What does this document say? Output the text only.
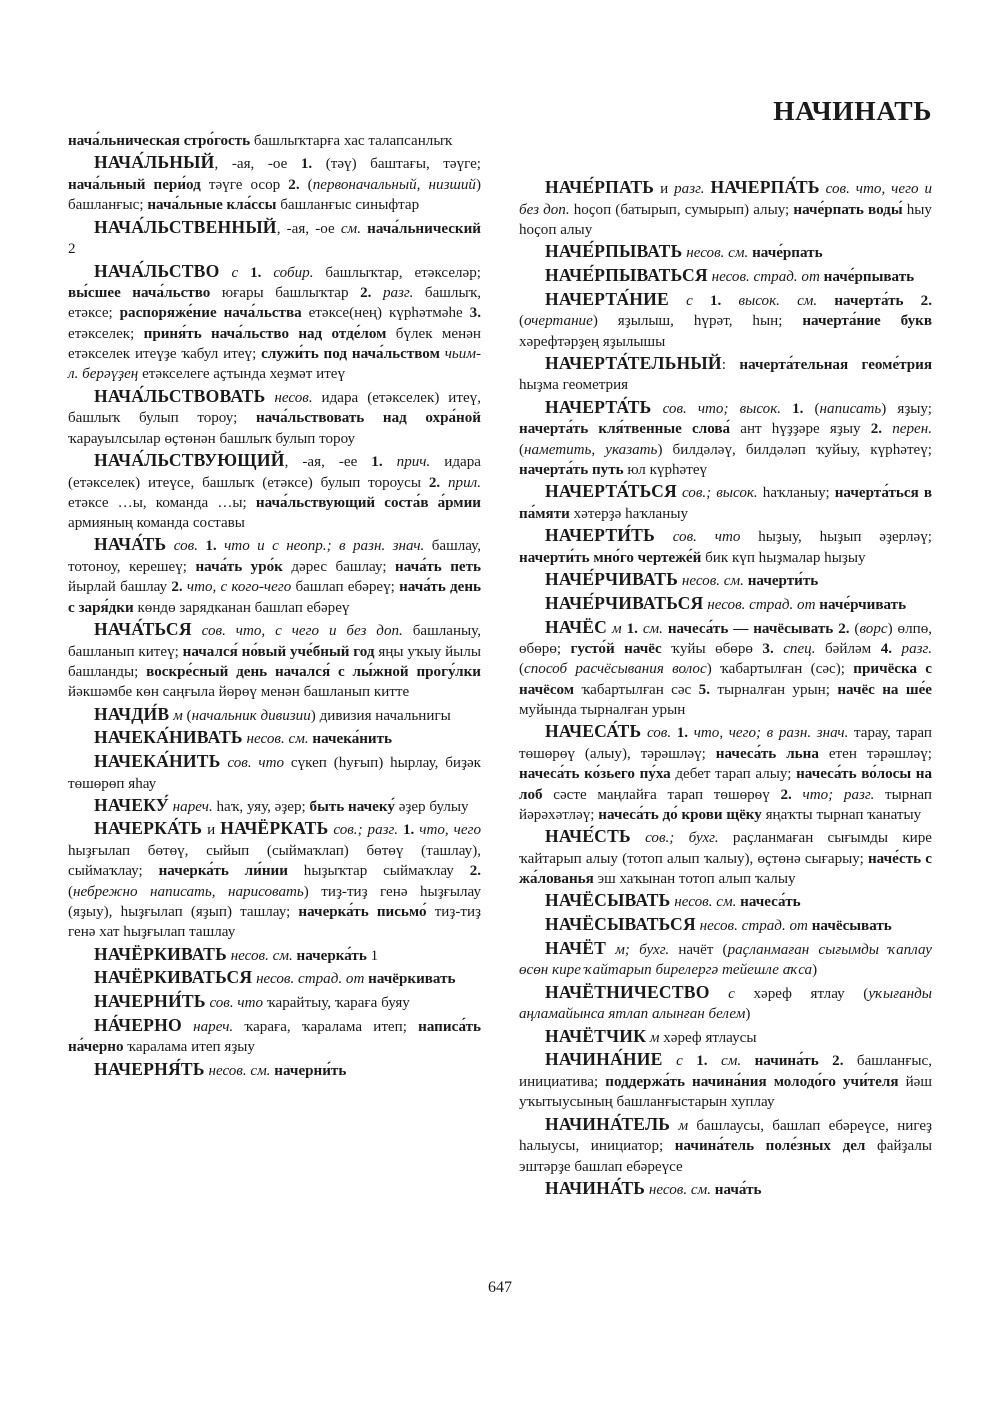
НАЧИНАТЬ

нача́льническая стро́гость башлыҡтарға хас талапсанлыҡ

НАЧА́ЛЬНЫЙ, -ая, -ое 1. (тәү) баштағы, тәүге; нача́льный пери́од тәүге осор 2. (первоначальный, низший) башланғыс; нача́льные кла́ссы башланғыс синыфтар

НАЧА́ЛЬСТВЕННЫЙ, -ая, -ое см. нача́льнический 2

НАЧА́ЛЬСТВО с 1. собир. башлыҡтар, етәкселәр; вы́сшее нача́льство юғары башлыҡтар 2. разг. башлыҡ, етәксе; распоряже́ние нача́льства етәксе(нең) күрһәтмәһе 3. етәкселек; приня́ть нача́льство над отде́лом бүлек менән етәкселек итеүҙе ҡабул итеү; служи́ть под нача́льством чьим-л. берәүҙең етәкселеге аҫтында хеҙмәт итеү

НАЧА́ЛЬСТВОВАТЬ несов. идара (етәкселек) итеү, башлыҡ булып тороу; нача́льствовать над охра́ной ҡарауылсылар өҫтөнән башлыҡ булып тороу

НАЧА́ЛЬСТВУЮЩИЙ, -ая, -ее 1. прич. идара (етәкселек) итеүсе, башлыҡ (етәксе) булып тороусы 2. прил. етәксе …ы, команда …ы; нача́льствующий соста́в а́рмии армияның команда составы

НАЧА́ТЬ сов. 1. что и с неопр.; в разн. знач. башлау, тотоноу, керешеү; нача́ть уро́к дәрес башлау; нача́ть петь йырлай башлау 2. что, с кого-чего башлап ебәреү; нача́ть день с заря́дки көндө зарядканан башлап ебәреү

НАЧА́ТЬСЯ сов. что, с чего и без доп. башланыу, башланып китеү; начался́ но́вый уче́бный год яңы уҡыу йылы башланды; воскре́сный день начался́ с лы́жной прогу́лки йәкшәмбе көн саңғыла йөрөү менән башланып китте

НАЧДИ́В м (начальник дивизии) дивизия начальнигы

НАЧЕКА́НИВАТЬ несов. см. начека́нить

НАЧЕКА́НИТЬ сов. что сүкеп (һуғып) һырлау, биҙәк төшөрөп яһау

НАЧЕКУ́ нареч. һаҡ, уяу, әҙер; быть начеку́ әҙер булыу

НАЧЕРКА́ТЬ и НАЧЁРКАТЬ сов.; разг. 1. что, чего һыҙғылап бөтөү, сыйып (сыймаҡлап) бөтөү (ташлау), сыймаҡлау; начерка́ть ли́нии һыҙыҡтар сыймаҡлау 2. (небрежно написать, нарисовать) тиҙ-тиҙ генә һыҙғылау (яҙыу), һыҙғылап (яҙып) ташлау; начерка́ть письмо́ тиҙ-тиҙ генә хат һыҙғылап ташлау

НАЧЁРКИВАТЬ несов. см. начерка́ть 1

НАЧЁРКИВАТЬСЯ несов. страд. от начёркивать

НАЧЕРНИ́ТЬ сов. что ҡарайтыу, ҡараға буяу

НА́ЧЕРНО нареч. ҡараға, ҡаралама итеп; написа́ть на́черно ҡаралама итеп яҙыу

НАЧЕРНЯ́ТЬ несов. см. начерни́ть

НАЧЕ́РПАТЬ и разг. НАЧЕРПА́ТЬ сов. что, чего и без доп. һоҫоп (батырып, сумырып) алыу; наче́рпать воды́ һыу һоҫоп алыу

НАЧЕ́РПЫВАТЬ несов. см. наче́рпать

НАЧЕ́РПЫВАТЬСЯ несов. страд. от наче́рпывать

НАЧЕРТА́НИЕ с 1. высок. см. начерта́ть 2. (очертание) яҙылыш, һүрәт, һын; начерта́ние букв хәрефтәрҙең яҙылышы

НАЧЕРТА́ТЕЛЬНЫЙ: начерта́тельная геоме́трия һыҙма геометрия

НАЧЕРТА́ТЬ сов. что; высок. 1. (написать) яҙыу; начерта́ть кля́твенные слова́ ант һүҙҙәре яҙыу 2. перен. (наметить, указать) билдәләү, билдәләп ҡуйыу, күрһәтеү; начерта́ть путь юл күрһәтеү

НАЧЕРТА́ТЬСЯ сов.; высок. һаҡланыу; начерта́ться в па́мяти хәтерҙә һаҡланыу

НАЧЕРТИ́ТЬ сов. что һыҙыу, һыҙып әҙерләү; начерти́ть мно́го чертеже́й бик күп һыҙмалар һыҙыу

НАЧЕ́РЧИВАТЬ несов. см. начерти́ть

НАЧЕ́РЧИВАТЬСЯ несов. страд. от наче́рчивать

НАЧЁС м 1. см. начеса́ть — начёсывать 2. (ворс) өлпө, өбөрө; густо́й начёс ҡуйы өбөрө 3. спец. бәйләм 4. разг. (способ расчёсывания волос) ҡабартылған (сәс); причёска с начёсом ҡабартылған сәс 5. тырналған урын; начёс на ше́е муйында тырналған урын

НАЧЕСА́ТЬ сов. 1. что, чего; в разн. знач. тарау, тарап төшөрөү (алыу), тәрәшләү; начеса́ть льна етен тәрәшләү; начеса́ть ко́зьего пу́ха дебет тарап алыу; начеса́ть во́лосы на лоб сәсте маңлайға тарап төшөрөү 2. что; разг. тырнап йәрәхәтләү; начеса́ть до́ крови щёку яңаҡты тырнап ҡанатыу

НАЧЕ́СТЬ сов.; бухг. раҫланмаған сығымды кире ҡайтарып алыу (тотоп алып ҡалыу), өҫтөнә сығарыу; наче́сть с жа́лованья эш хаҡынан тотоп алып ҡалыу

НАЧЁСЫВАТЬ несов. см. начеса́ть

НАЧЁСЫВАТЬСЯ несов. страд. от начёсывать

НАЧЁТ м; бухг. начёт (раҫланмаған сығымды ҡаплау өсөн кире ҡайтарып бирелергә тейешле аҡса)

НАЧЁТНИЧЕСТВО с хәреф ятлау (уҡығанды аңламайынса ятлап алынған белем)

НАЧЁТЧИК м хәреф ятлаусы

НАЧИНА́НИЕ с 1. см. начина́ть 2. башланғыс, инициатива; поддержа́ть начина́ния молодо́го учи́теля йәш уҡытыусының башланғыстарын хуплау

НАЧИНА́ТЕЛЬ м башлаусы, башлап ебәреүсе, нигеҙ һалыусы, инициатор; начина́тель поле́зных дел файҙалы эштәрҙе башлап ебәреүсе

НАЧИНА́ТЬ несов. см. нача́ть

647
